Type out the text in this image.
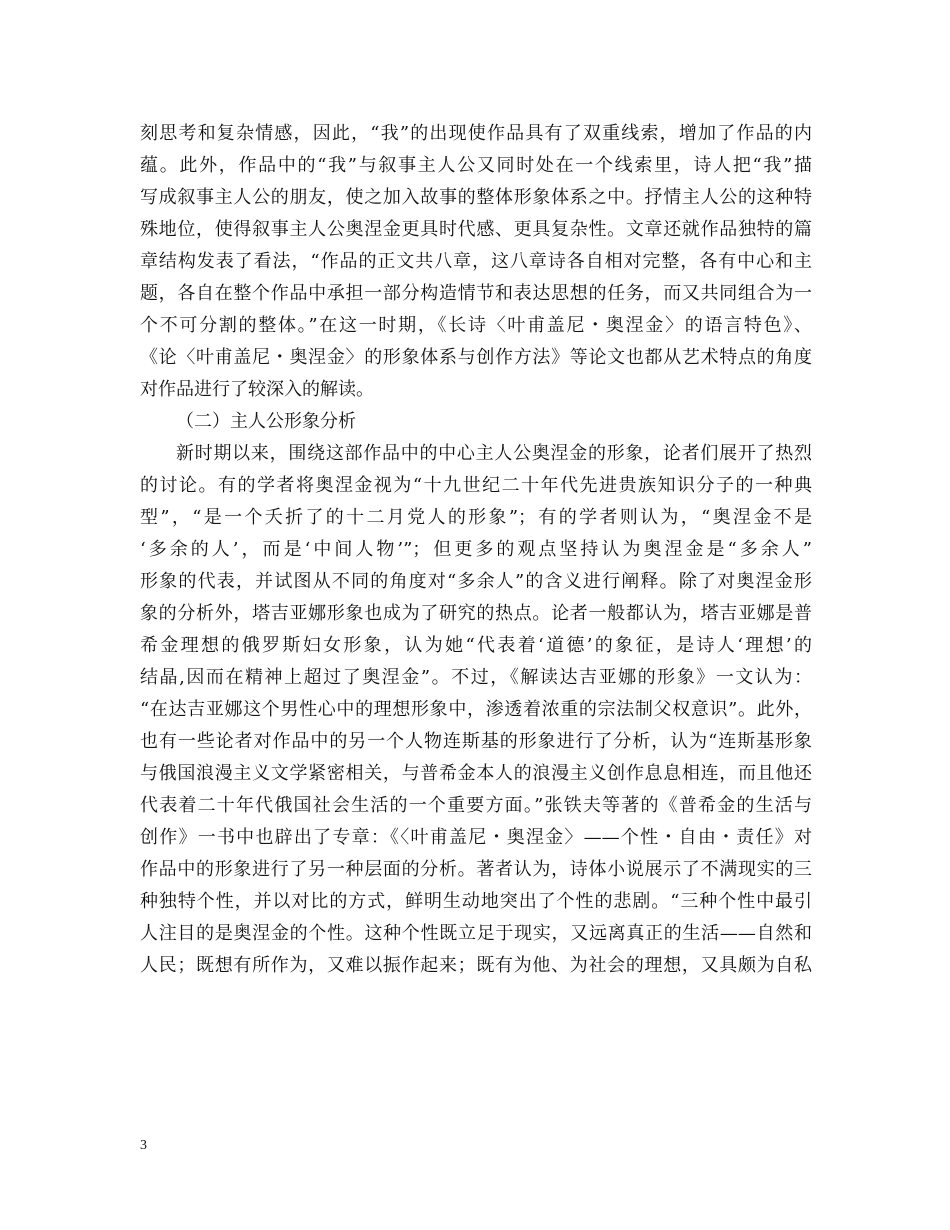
刻思考和复杂情感，因此，“我”的出现使作品具有了双重线索，增加了作品的内
蕴。此外，作品中的“我”与叙事主人公又同时处在一个线索里，诗人把“我”描
写成叙事主人公的朋友，使之加入故事的整体形象体系之中。抒情主人公的这种特
殊地位，使得叙事主人公奥涅金更具时代感、更具复杂性。文章还就作品独特的篇
章结构发表了看法，“作品的正文共八章，这八章诗各自相对完整，各有中心和主
题，各自在整个作品中承担一部分构造情节和表达思想的任务，而又共同组合为一
个不可分割的整体。”在这一时期，《长诗〈叶甫盖尼・奥涅金〉的语言特色》、
《论〈叶甫盖尼・奥涅金〉的形象体系与创作方法》等论文也都从艺术特点的角度
对作品进行了较深入的解读。
（二）主人公形象分析
新时期以来，围绕这部作品中的中心主人公奥涅金的形象，论者们展开了热烈
的讨论。有的学者将奥涅金视为“十九世纪二十年代先进贵族知识分子的一种典
型”，“是一个夭折了的十二月党人的形象”；有的学者则认为，“奥涅金不是
‘多余的人’，而是‘中间人物’”；但更多的观点坚持认为奥涅金是“多余人”
形象的代表，并试图从不同的角度对“多余人”的含义进行阐释。除了对奥涅金形
象的分析外，塔吉亚娜形象也成为了研究的热点。论者一般都认为，塔吉亚娜是普
希金理想的俄罗斯妇女形象，认为她“代表着‘道德’的象征，是诗人‘理想’的
结晶,因而在精神上超过了奥涅金”。不过，《解读达吉亚娜的形象》一文认为：
“在达吉亚娜这个男性心中的理想形象中，渗透着浓重的宗法制父权意识”。此外，
也有一些论者对作品中的另一个人物连斯基的形象进行了分析，认为“连斯基形象
与俄国浪漫主义文学紧密相关，与普希金本人的浪漫主义创作息息相连，而且他还
代表着二十年代俄国社会生活的一个重要方面。”张铁夫等著的《普希金的生活与
创作》一书中也辟出了专章：《〈叶甫盖尼・奥涅金〉——个性・自由・责任》对
作品中的形象进行了另一种层面的分析。著者认为，诗体小说展示了不满现实的三
种独特个性，并以对比的方式，鲜明生动地突出了个性的悲剧。“三种个性中最引
人注目的是奥涅金的个性。这种个性既立足于现实，又远离真正的生活——自然和
人民；既想有所作为，又难以振作起来；既有为他、为社会的理想，又具颇为自私
3
